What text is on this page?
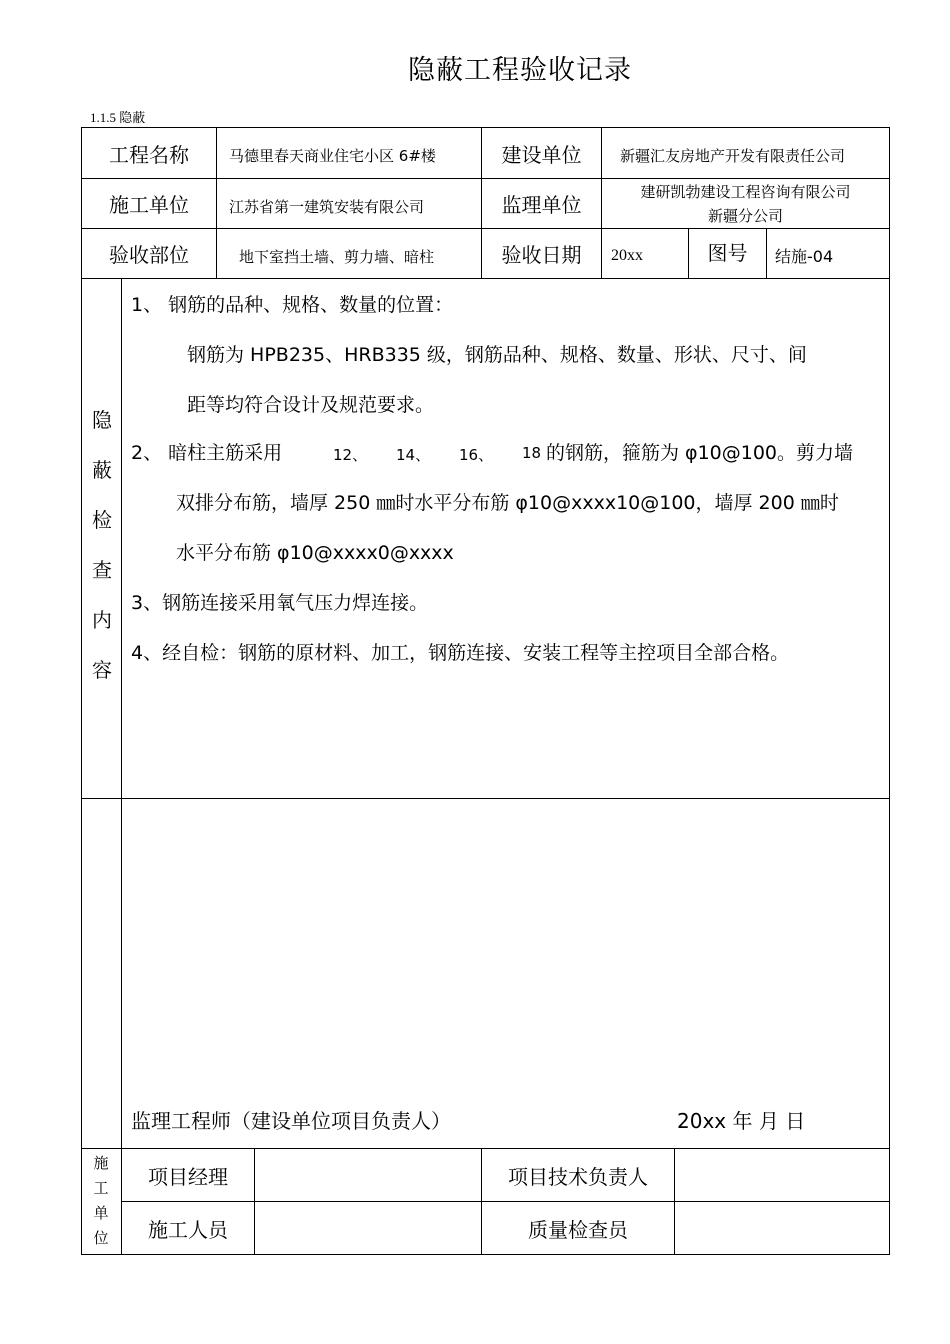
隐蔽工程验收记录
1.1.5 隐蔽
工程名称	马德里春天商业住宅小区 6#楼	建设单位	新疆汇友房地产开发有限责任公司
施工单位	江苏省第一建筑安装有限公司	监理单位
建研凯勃建设工程咨询有限公司
新疆分公司
验收部位	地下室挡土墙、剪力墙、暗柱	验收日期	20xx	图号	结施-04
隐
蔽
检
查
内
容
1、 钢筋的品种、规格、数量的位置：
钢筋为 HPB235、HRB335 级，钢筋品种、规格、数量、形状、尺寸、间
距等均符合设计及规范要求。
2、 暗柱主筋采用	12、 14、 16、 18 的钢筋，箍筋为 φ10@100。剪力墙
双排分布筋，墙厚 250 ㎜时水平分布筋 φ10@xxxx10@100，墙厚 200 ㎜时
水平分布筋 φ10@xxxx0@xxxx
3、钢筋连接采用氧气压力焊连接。
4、经自检：钢筋的原材料、加工，钢筋连接、安装工程等主控项目全部合格。
监理工程师（建设单位项目负责人）	20xx 年 月 日
施
工
单
位
项目经理	项目技术负责人
施工人员	质量检查员
